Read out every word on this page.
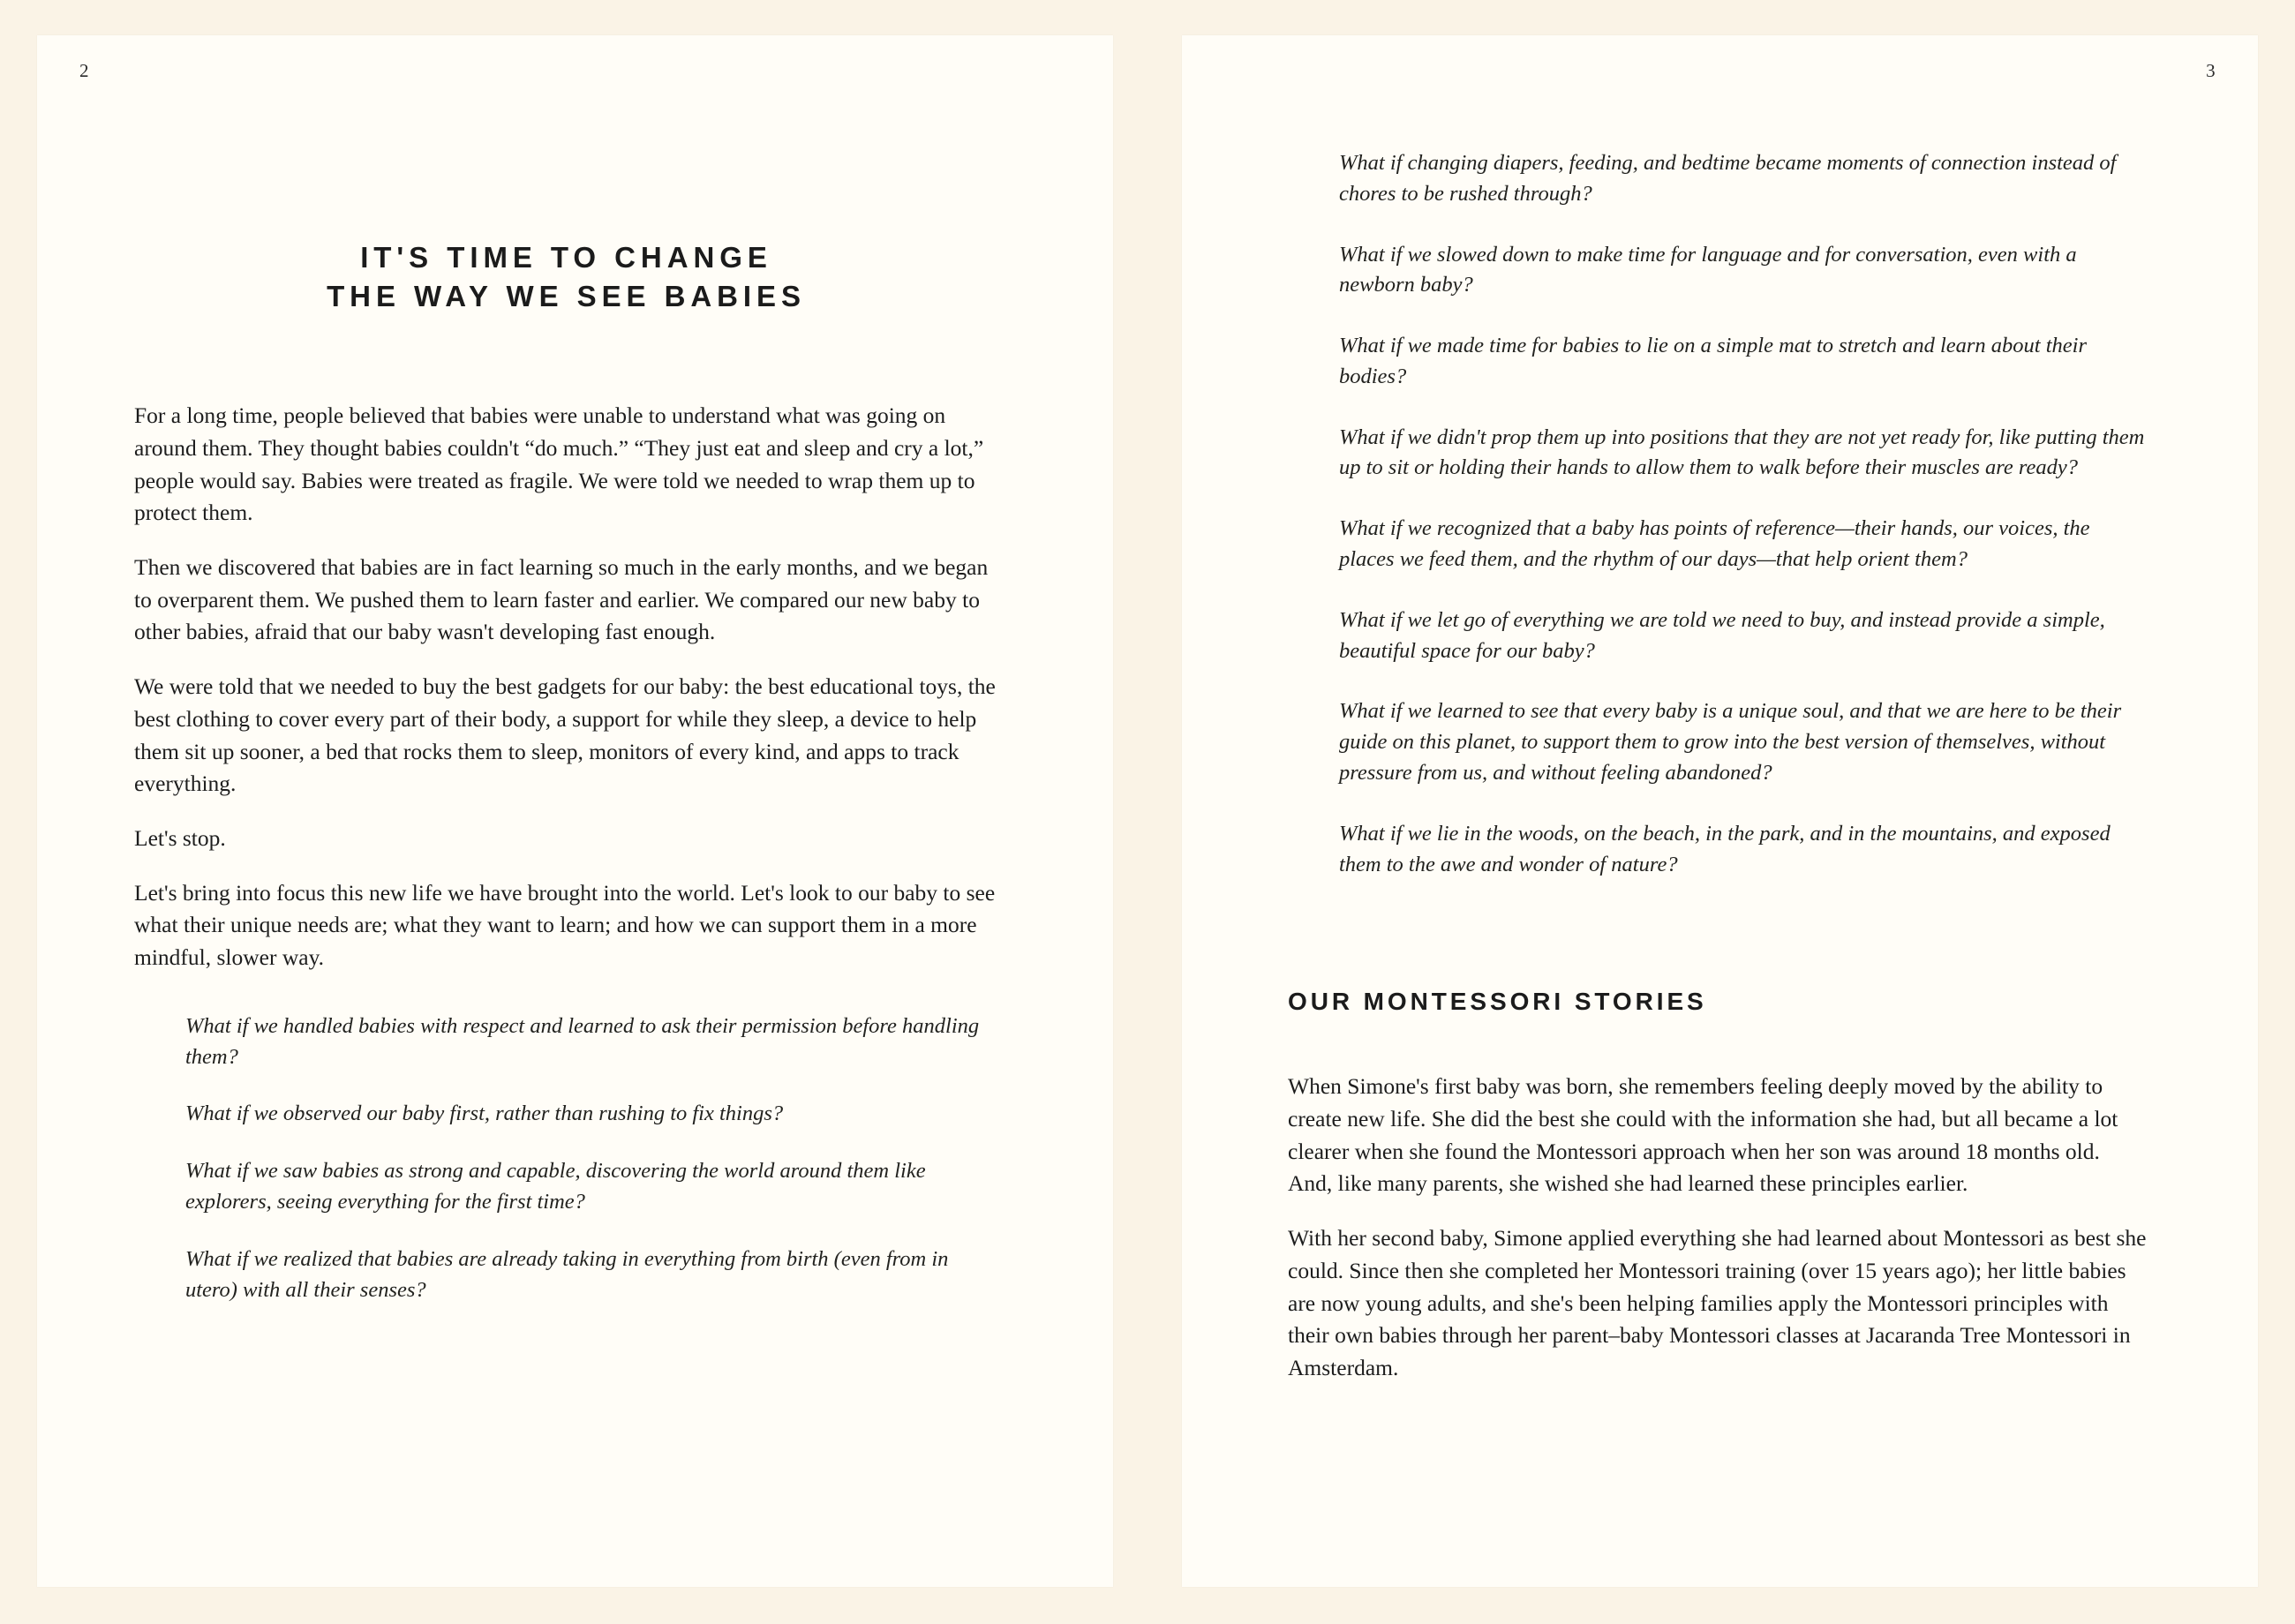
2
IT'S TIME TO CHANGE
THE WAY WE SEE BABIES

For a long time, people believed that babies were unable to understand what was going on around them. They thought babies couldn't “do much.” “They just eat and sleep and cry a lot,” people would say. Babies were treated as fragile. We were told we needed to wrap them up to protect them.

Then we discovered that babies are in fact learning so much in the early months, and we began to overparent them. We pushed them to learn faster and earlier. We compared our new baby to other babies, afraid that our baby wasn't developing fast enough.

We were told that we needed to buy the best gadgets for our baby: the best educational toys, the best clothing to cover every part of their body, a support for while they sleep, a device to help them sit up sooner, a bed that rocks them to sleep, monitors of every kind, and apps to track everything.

Let's stop.

Let's bring into focus this new life we have brought into the world. Let's look to our baby to see what their unique needs are; what they want to learn; and how we can support them in a more mindful, slower way.

What if we handled babies with respect and learned to ask their permission before handling them?

What if we observed our baby first, rather than rushing to fix things?

What if we saw babies as strong and capable, discovering the world around them like explorers, seeing everything for the first time?

What if we realized that babies are already taking in everything from birth (even from in utero) with all their senses?

3

What if changing diapers, feeding, and bedtime became moments of connection instead of chores to be rushed through?

What if we slowed down to make time for language and for conversation, even with a newborn baby?

What if we made time for babies to lie on a simple mat to stretch and learn about their bodies?

What if we didn't prop them up into positions that they are not yet ready for, like putting them up to sit or holding their hands to allow them to walk before their muscles are ready?

What if we recognized that a baby has points of reference—their hands, our voices, the places we feed them, and the rhythm of our days—that help orient them?

What if we let go of everything we are told we need to buy, and instead provide a simple, beautiful space for our baby?

What if we learned to see that every baby is a unique soul, and that we are here to be their guide on this planet, to support them to grow into the best version of themselves, without pressure from us, and without feeling abandoned?

What if we lie in the woods, on the beach, in the park, and in the mountains, and exposed them to the awe and wonder of nature?

OUR MONTESSORI STORIES

When Simone's first baby was born, she remembers feeling deeply moved by the ability to create new life. She did the best she could with the information she had, but all became a lot clearer when she found the Montessori approach when her son was around 18 months old. And, like many parents, she wished she had learned these principles earlier.

With her second baby, Simone applied everything she had learned about Montessori as best she could. Since then she completed her Montessori training (over 15 years ago); her little babies are now young adults, and she's been helping families apply the Montessori principles with their own babies through her parent–baby Montessori classes at Jacaranda Tree Montessori in Amsterdam.
